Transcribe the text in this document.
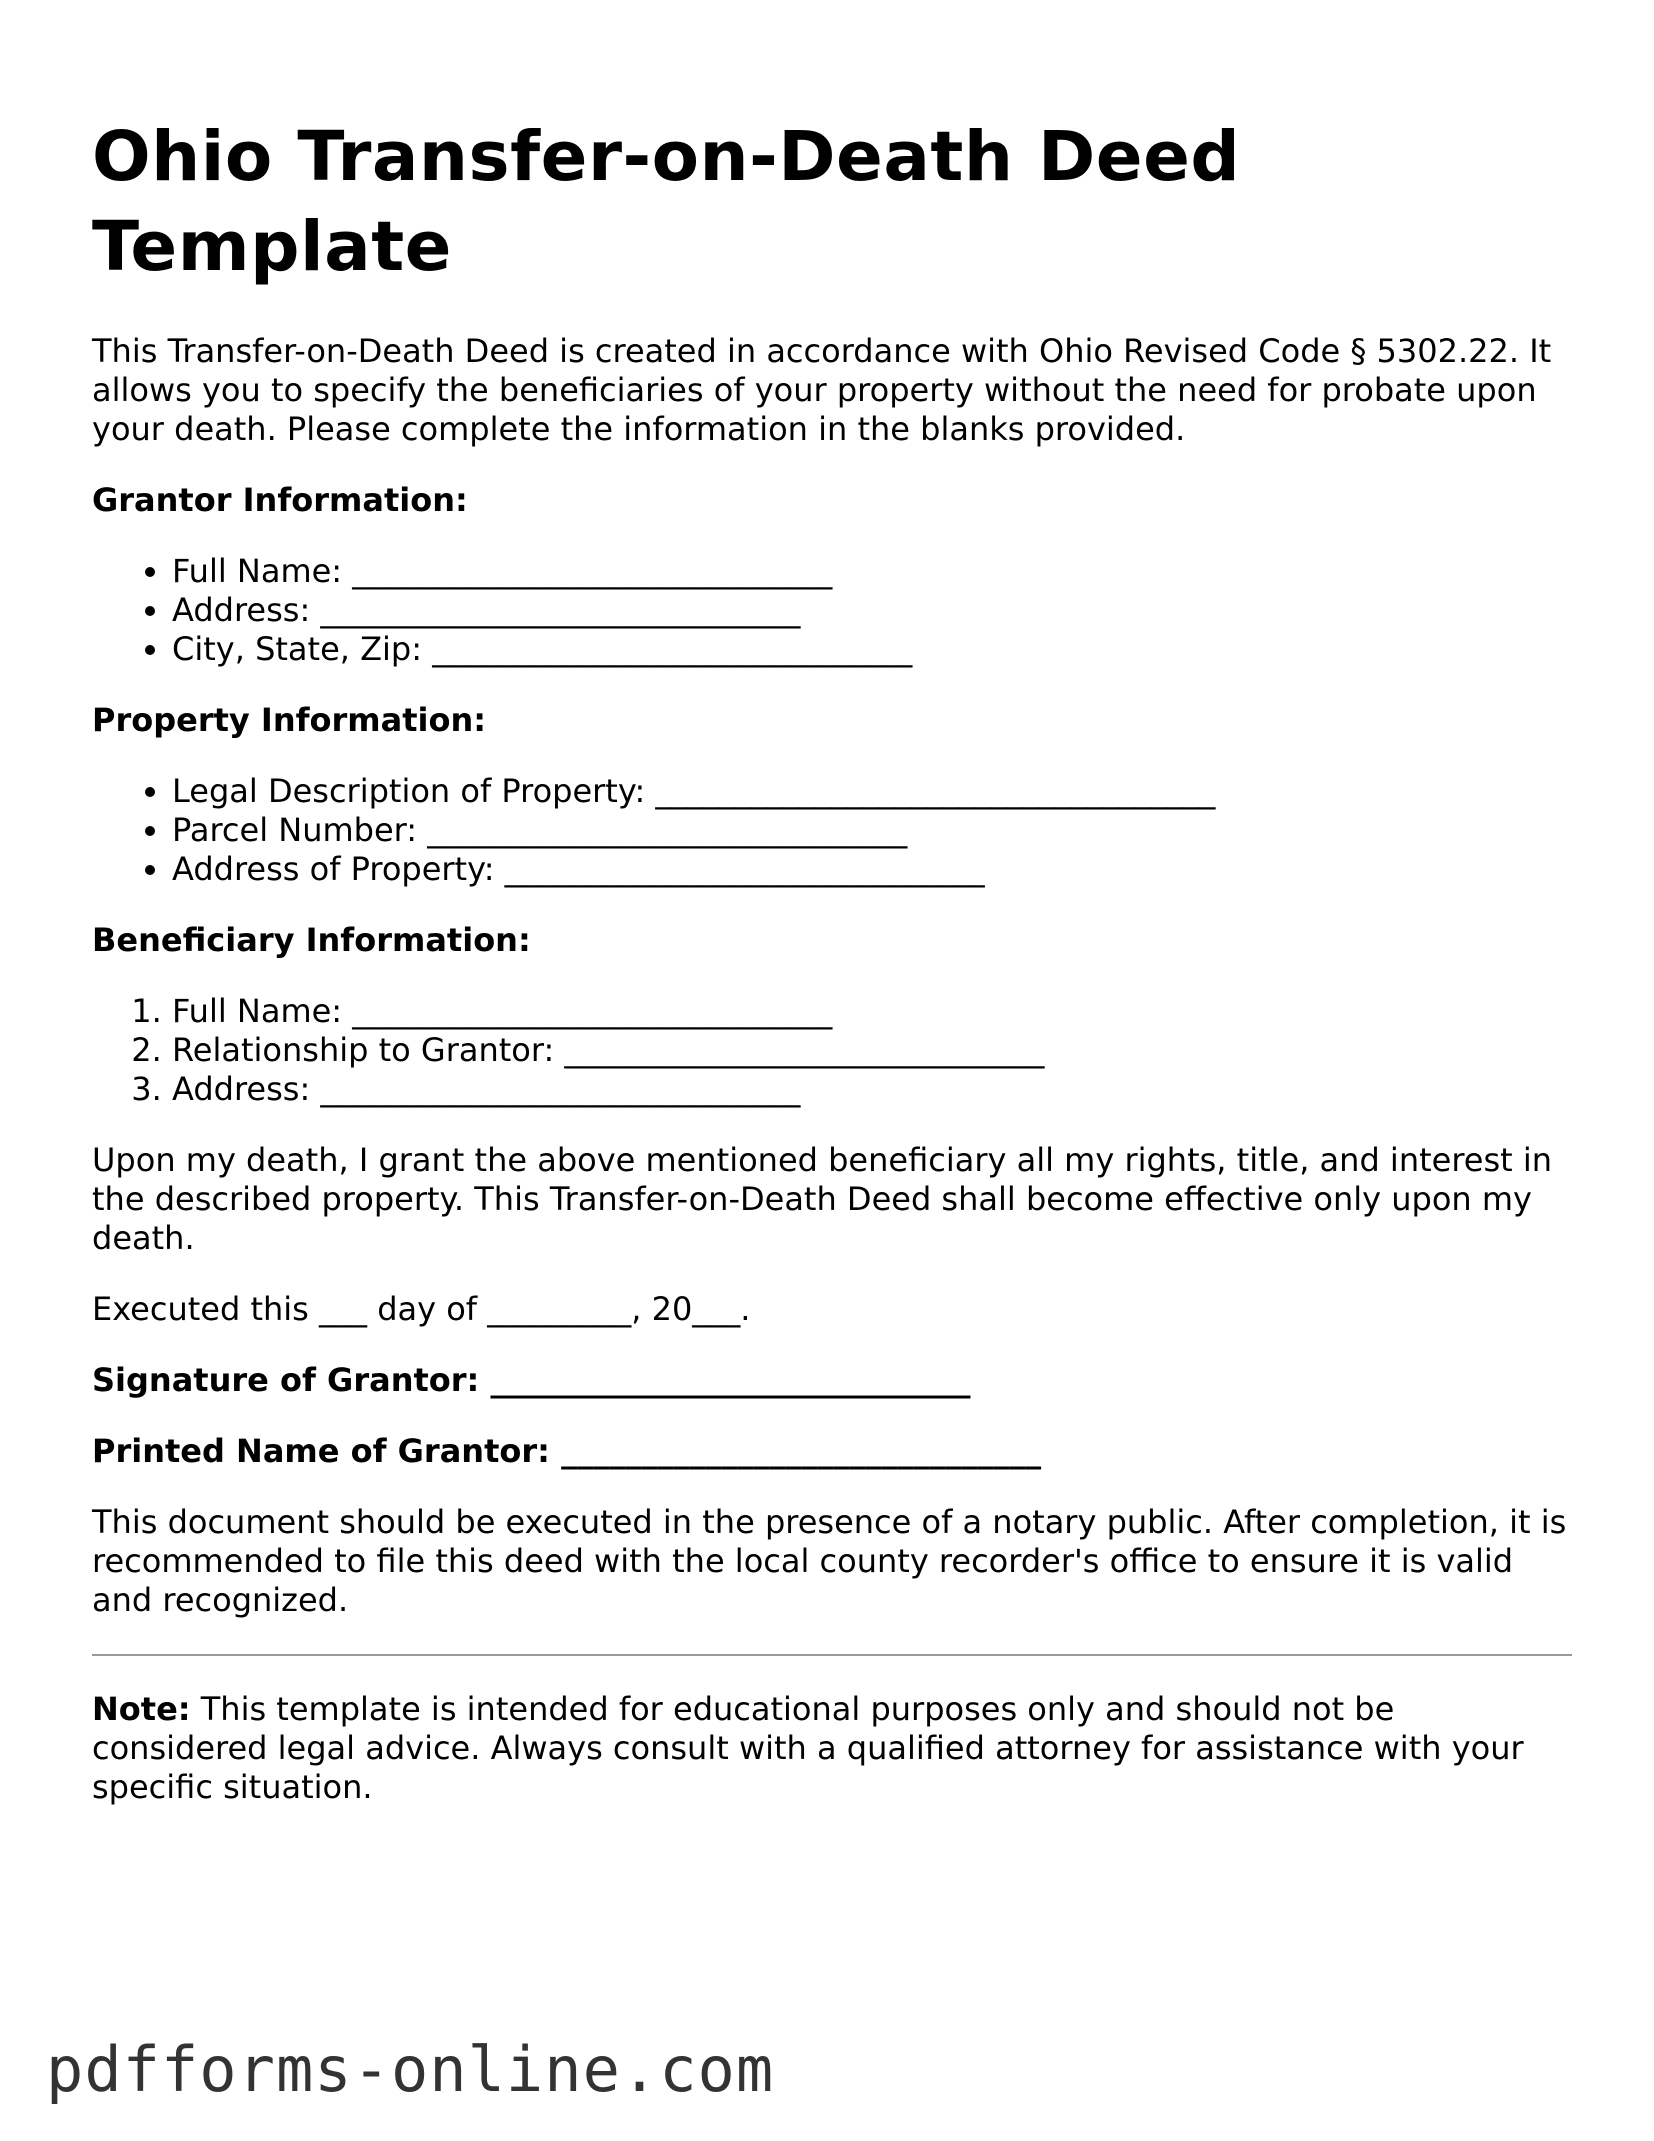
Ohio Transfer-on-Death Deed Template

This Transfer-on-Death Deed is created in accordance with Ohio Revised Code § 5302.22. It allows you to specify the beneficiaries of your property without the need for probate upon your death. Please complete the information in the blanks provided.

Grantor Information:
• Full Name: ______________________________
• Address: ______________________________
• City, State, Zip: ______________________________
Property Information:
• Legal Description of Property: ___________________________________
• Parcel Number: ______________________________
• Address of Property: ______________________________
Beneficiary Information:
1. Full Name: ______________________________
2. Relationship to Grantor: ______________________________
3. Address: ______________________________

Upon my death, I grant the above mentioned beneficiary all my rights, title, and interest in the described property. This Transfer-on-Death Deed shall become effective only upon my death.

Executed this ___ day of _________, 20___.

Signature of Grantor: ______________________________
Printed Name of Grantor: ______________________________

This document should be executed in the presence of a notary public. After completion, it is recommended to file this deed with the local county recorder's office to ensure it is valid and recognized.

Note: This template is intended for educational purposes only and should not be considered legal advice. Always consult with a qualified attorney for assistance with your specific situation.

pdfforms-online.com
